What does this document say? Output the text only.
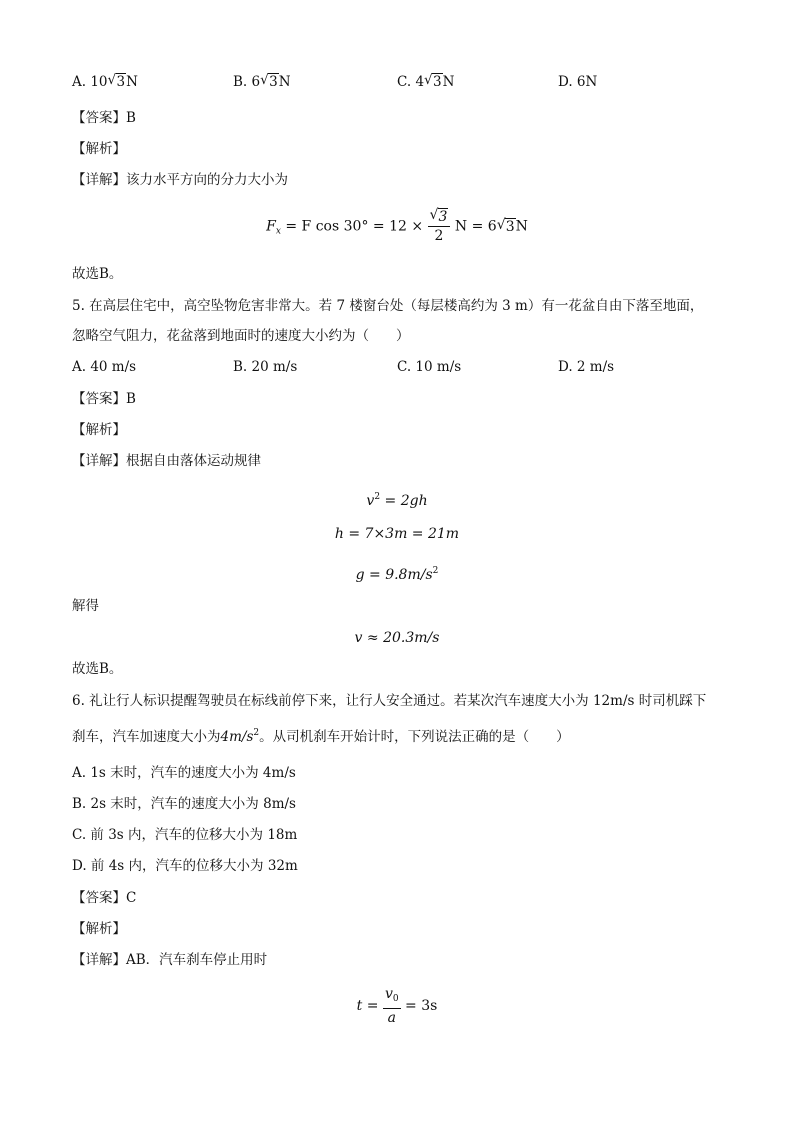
A. 10 √ 3N	B. 6 √ 3N	C. 4 √ 3N	D. 6N
【答案】B
【解析】
【详解】该力水平方向的分力大小为
$F_x = F$ $\cos 30^\circ = 12 \times \frac{√ 3}{2}$ N = 6 √ 3N
故选B。
5. 在高层住宅中，高空坠物危害非常大。若 7 楼窗台处（每层楼高约为 3 m）有一花盆自由下落至地面，
忽略空气阻力，花盆落到地面时的速度大小约为（　　）
A. 40 m/s	B. 20 m/s	C. 10 m/s	D. 2 m/s
【答案】B
【解析】
【详解】根据自由落体运动规律
$v^2 = 2gh$
h = 7×3m = 21m
$g = 9.8m/s^2$
解得
v ≈ 20.3m/s
故选B。
6. 礼让行人标识提醒驾驶员在标线前停下来，让行人安全通过。若某次汽车速度大小为 12m/s 时司机踩下
刹车，汽车加速度大小为$4m/s^2$。从司机刹车开始计时，下列说法正确的是（　　）
A. 1s 末时，汽车的速度大小为 4m/s
B. 2s 末时，汽车的速度大小为 8m/s
C. 前 3s 内，汽车的位移大小为 18m
D. 前 4s 内，汽车的位移大小为 32m
【答案】C
【解析】
【详解】AB．汽车刹车停止用时
$t = \frac{v_0}{a} = 3s$
